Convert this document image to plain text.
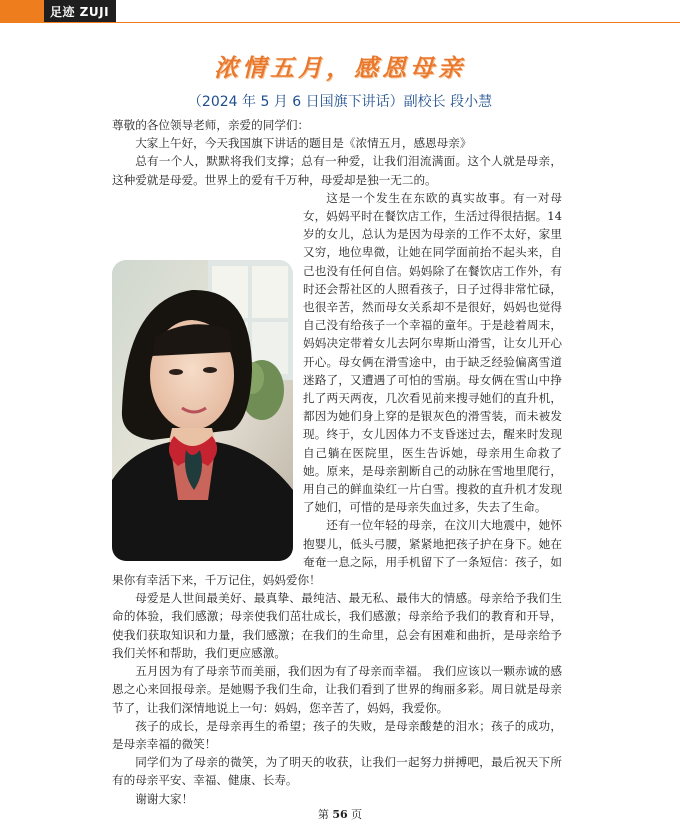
足迹 ZUJI
浓情五月，感恩母亲
（2024 年 5 月 6 日国旗下讲话）副校长 段小慧

尊敬的各位领导老师，亲爱的同学们：

大家上午好，今天我国旗下讲话的题目是《浓情五月，感恩母亲》

总有一个人，默默将我们支撑；总有一种爱，让我们泪流满面。这个人就是母亲，这种爱就是母爱。世界上的爱有千万种，母爱却是独一无二的。

这是一个发生在东欧的真实故事。有一对母女，妈妈平时在餐饮店工作，生活过得很拮据。14 岁的女儿，总认为是因为母亲的工作不太好，家里又穷，地位卑微，让她在同学面前抬不起头来，自己也没有任何自信。妈妈除了在餐饮店工作外，有时还会帮社区的人照看孩子，日子过得非常忙碌，也很辛苦，然而母女关系却不是很好，妈妈也觉得自己没有给孩子一个幸福的童年。于是趁着周末，妈妈决定带着女儿去阿尔卑斯山滑雪，让女儿开心开心。母女俩在滑雪途中，由于缺乏经验偏离雪道迷路了，又遭遇了可怕的雪崩。母女俩在雪山中挣扎了两天两夜，几次看见前来搜寻她们的直升机，都因为她们身上穿的是银灰色的滑雪装，而未被发现。终于，女儿因体力不支昏迷过去，醒来时发现自己躺在医院里，医生告诉她，母亲用生命救了她。原来，是母亲割断自己的动脉在雪地里爬行，用自己的鲜血染红一片白雪。搜救的直升机才发现了她们，可惜的是母亲失血过多，失去了生命。

还有一位年轻的母亲，在汶川大地震中，她怀抱婴儿，低头弓腰，紧紧地把孩子护在身下。她在奄奄一息之际，用手机留下了一条短信：孩子，如果你有幸活下来，千万记住，妈妈爱你！

母爱是人世间最美好、最真挚、最纯洁、最无私、最伟大的情感。母亲给予我们生命的体验，我们感激；母亲使我们茁壮成长，我们感激；母亲给予我们的教育和开导，使我们获取知识和力量，我们感激；在我们的生命里，总会有困难和曲折，是母亲给予我们关怀和帮助，我们更应感激。

五月因为有了母亲节而美丽，我们因为有了母亲而幸福。 我们应该以一颗赤诚的感恩之心来回报母亲。是她赐予我们生命，让我们看到了世界的绚丽多彩。周日就是母亲节了，让我们深情地说上一句：妈妈，您辛苦了，妈妈，我爱你。

孩子的成长，是母亲再生的希望；孩子的失败，是母亲酸楚的泪水；孩子的成功，是母亲幸福的微笑！

同学们为了母亲的微笑，为了明天的收获，让我们一起努力拼搏吧，最后祝天下所有的母亲平安、幸福、健康、长寿。

谢谢大家！

第 56 页
